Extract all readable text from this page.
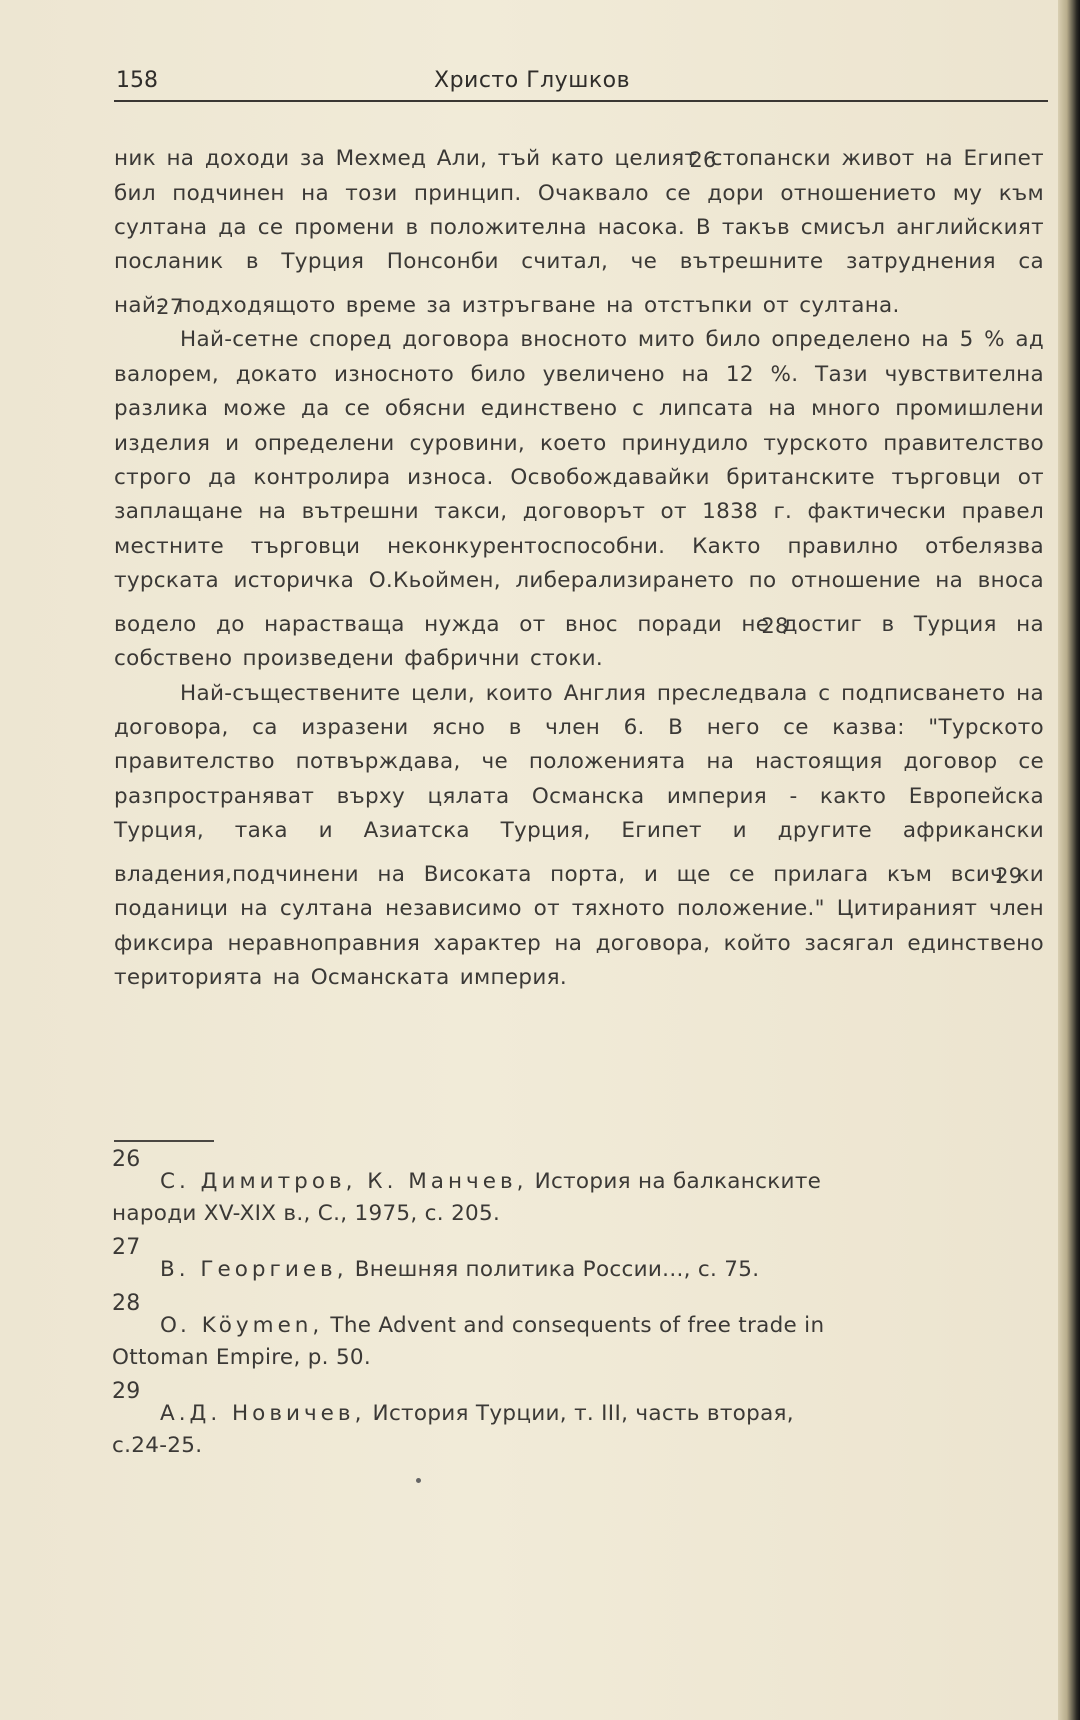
158	Христо Глушков

ник на доходи за Мехмед Али, тъй като целият$^{26}$стопански живот на Египет бил подчинен на този принцип. Очаквало се дори отношението му към султана да се промени в положителна насока. В такъв смисъл английският посланик в Турция Понсонби считал, че вътрешните затруднения са най-$^{27}$подходящото време за изтръгване на отстъпки от султана.

Най-сетне според договора вносното мито било определено на 5 % ад валорем, докато износното било увеличено на 12 %. Тази чувствителна разлика може да се обясни единствено с липсата на много промишлени изделия и определени суровини, което принудило турското правителство строго да контролира износа. Освобождавайки британските търговци от заплащане на вътрешни такси, договорът от 1838 г. фактически правел местните търговци неконкурентоспособни. Както правилно отбелязва турската историчка О.Кьоймен, либерализирането по отношение на вноса водело до нарастваща нужда от внос поради не$^{28}$достиг в Турция на собствено произведени фабрични стоки.

Най-съществените цели, които Англия преследвала с подписването на договора, са изразени ясно в член 6. В него се казва: "Турското правителство потвърждава, че положенията на настоящия договор се разпространяват върху цялата Османска империя - както Европейска Турция, така и Азиатска Турция, Египет и другите африкански владения,подчинени на Високата порта, и ще се прилага към всич$^{29}$ки поданици на султана независимо от тяхното положение." Цитираният член фиксира неравноправния характер на договора, който засягал единствено територията на Османската империя.

26
С. Димитров, К. Манчев, История на балканските
народи XV-XIX в., С., 1975, с. 205.
27
В. Георгиев, Внешняя политика России..., с. 75.
28
O. Köymen, The Advent and consequents of free trade in
Ottoman Empire, p. 50.
29
А.Д. Новичев, История Турции, т. III, часть вторая,
с.24-25.
